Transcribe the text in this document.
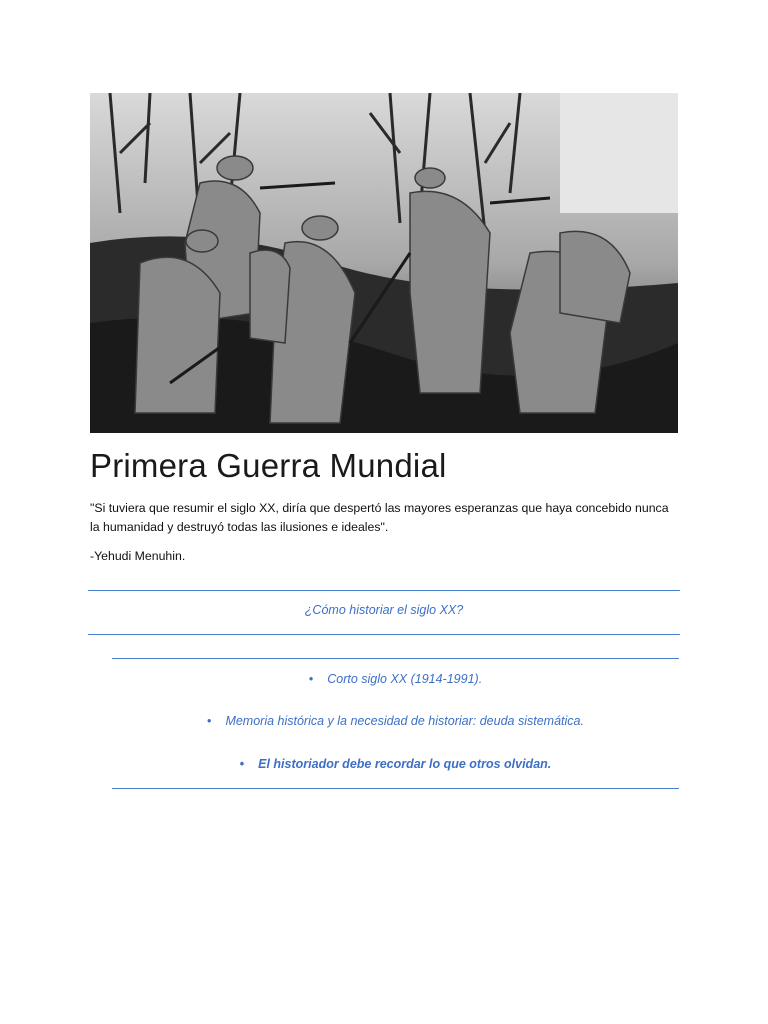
Primera Guerra Mundial
"Si tuviera que resumir el siglo XX, diría que despertó las mayores esperanzas que haya concebido nunca la humanidad y destruyó todas las ilusiones e ideales".
-Yehudi Menuhin.
¿Cómo historiar el siglo XX?
• Corto siglo XX (1914-1991).
• Memoria histórica y la necesidad de historiar: deuda sistemática.
• El historiador debe recordar lo que otros olvidan.
